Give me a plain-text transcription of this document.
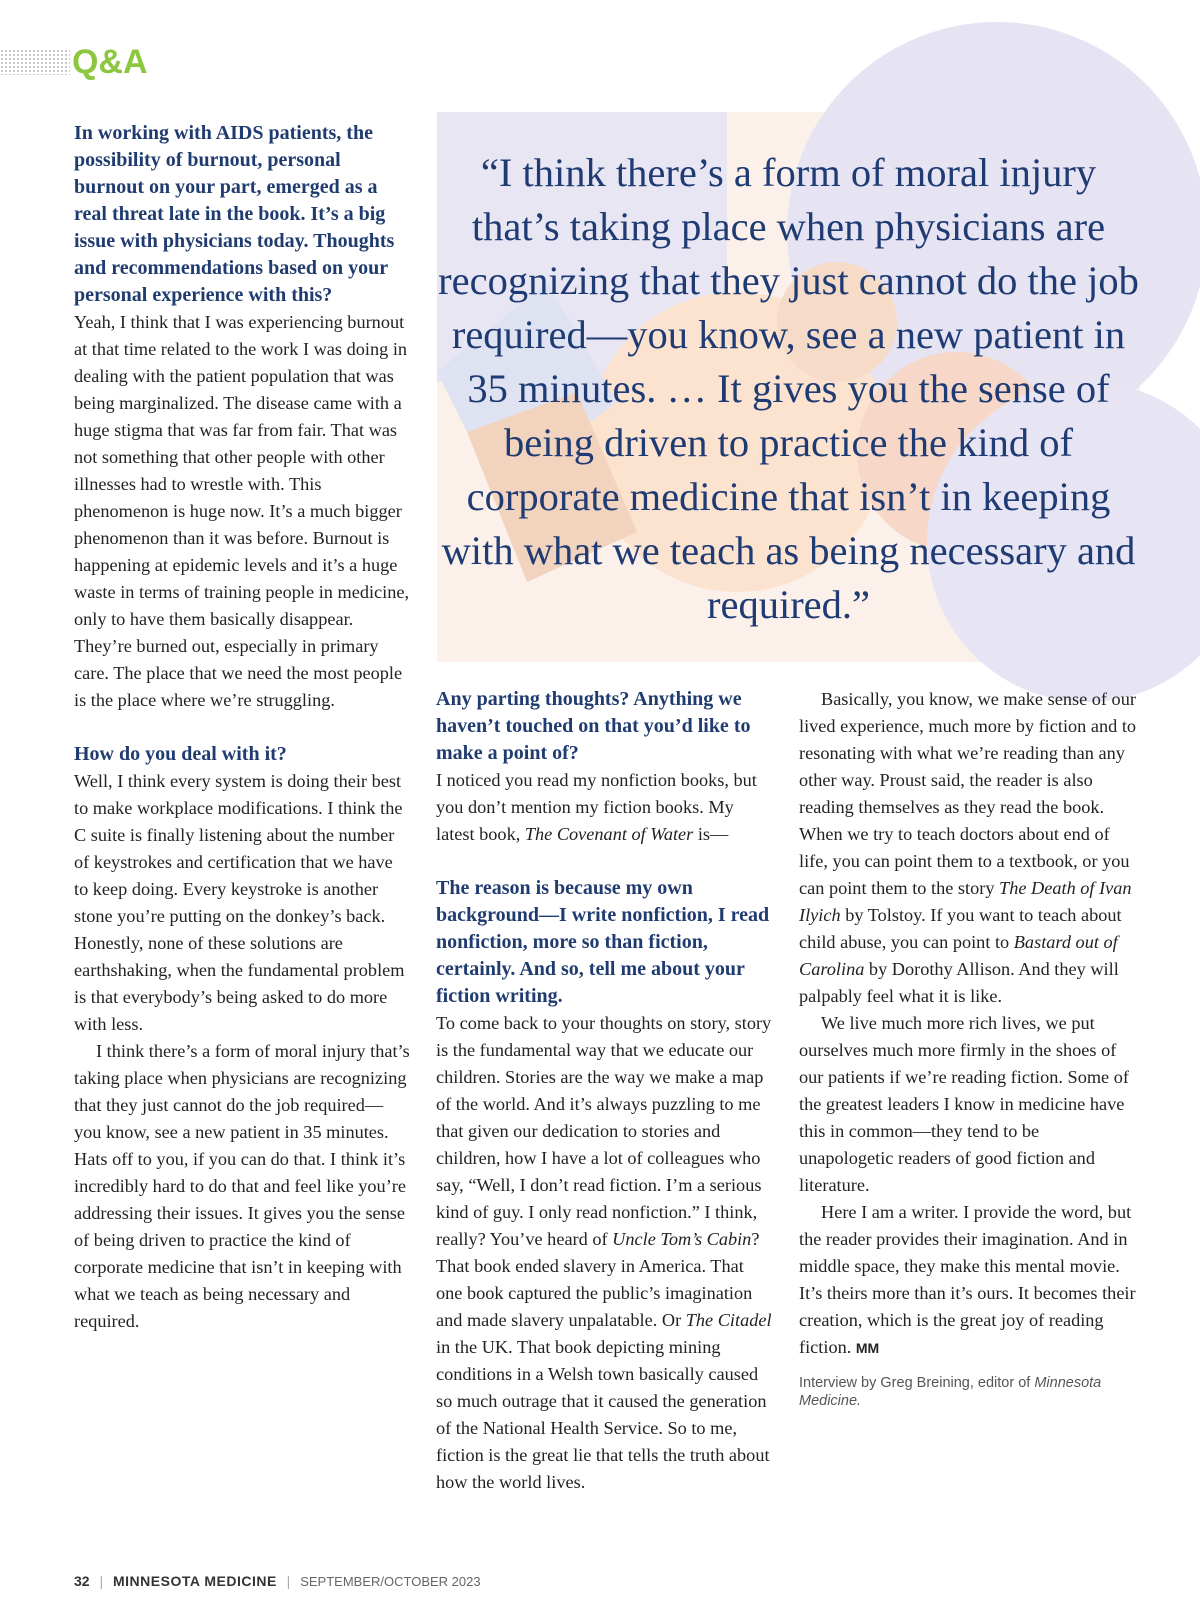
Q&A

In working with AIDS patients, the possibility of burnout, personal burnout on your part, emerged as a real threat late in the book. It’s a big issue with physicians today. Thoughts and recommendations based on your personal experience with this?

Yeah, I think that I was experiencing burnout at that time related to the work I was doing in dealing with the patient population that was being marginalized. The disease came with a huge stigma that was far from fair. That was not something that other people with other illnesses had to wrestle with. This phenomenon is huge now. It’s a much bigger phenomenon than it was before. Burnout is happening at epidemic levels and it’s a huge waste in terms of training people in medicine, only to have them basically disappear. They’re burned out, especially in primary care. The place that we need the most people is the place where we’re struggling.

How do you deal with it?

Well, I think every system is doing their best to make workplace modifications. I think the C suite is finally listening about the number of keystrokes and certification that we have to keep doing. Every keystroke is another stone you’re putting on the donkey’s back. Honestly, none of these solutions are earthshaking, when the fundamental problem is that everybody’s being asked to do more with less.

I think there’s a form of moral injury that’s taking place when physicians are recognizing that they just cannot do the job required—you know, see a new patient in 35 minutes. Hats off to you, if you can do that. I think it’s incredibly hard to do that and feel like you’re addressing their issues. It gives you the sense of being driven to practice the kind of corporate medicine that isn’t in keeping with what we teach as being necessary and required.

“I think there’s a form of moral injury that’s taking place when physicians are recognizing that they just cannot do the job required—you know, see a new patient in 35 minutes. … It gives you the sense of being driven to practice the kind of corporate medicine that isn’t in keeping with what we teach as being necessary and required.”

Any parting thoughts? Anything we haven’t touched on that you’d like to make a point of?

I noticed you read my nonfiction books, but you don’t mention my fiction books. My latest book, The Covenant of Water is—

The reason is because my own background—I write nonfiction, I read nonfiction, more so than fiction, certainly. And so, tell me about your fiction writing.

To come back to your thoughts on story, story is the fundamental way that we educate our children. Stories are the way we make a map of the world. And it’s always puzzling to me that given our dedication to stories and children, how I have a lot of colleagues who say, “Well, I don’t read fiction. I’m a serious kind of guy. I only read nonfiction.” I think, really? You’ve heard of Uncle Tom’s Cabin? That book ended slavery in America. That one book captured the public’s imagination and made slavery unpalatable. Or The Citadel in the UK. That book depicting mining conditions in a Welsh town basically caused so much outrage that it caused the generation of the National Health Service. So to me, fiction is the great lie that tells the truth about how the world lives.

Basically, you know, we make sense of our lived experience, much more by fiction and to resonating with what we’re reading than any other way. Proust said, the reader is also reading themselves as they read the book. When we try to teach doctors about end of life, you can point them to a textbook, or you can point them to the story The Death of Ivan Ilyich by Tolstoy. If you want to teach about child abuse, you can point to Bastard out of Carolina by Dorothy Allison. And they will palpably feel what it is like.

We live much more rich lives, we put ourselves much more firmly in the shoes of our patients if we’re reading fiction. Some of the greatest leaders I know in medicine have this in common—they tend to be unapologetic readers of good fiction and literature.

Here I am a writer. I provide the word, but the reader provides their imagination. And in middle space, they make this mental movie. It’s theirs more than it’s ours. It becomes their creation, which is the great joy of reading fiction. MM

Interview by Greg Breining, editor of Minnesota Medicine.

32 | MINNESOTA MEDICINE | SEPTEMBER/OCTOBER 2023
